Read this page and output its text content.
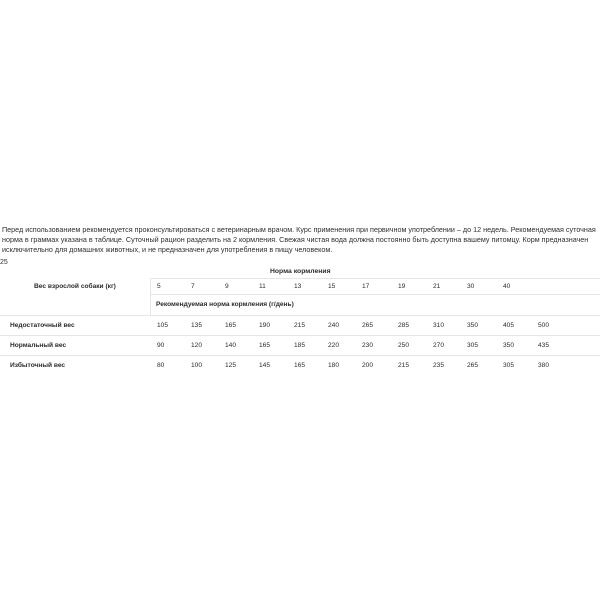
Перед использованием рекомендуется проконсультироваться с ветеринарным врачом. Курс применения при первичном употреблении – до 12 недель. Рекомендуемая суточная норма в граммах указана в таблице. Суточный рацион разделить на 2 кормления. Свежая чистая вода должна постоянно быть доступна вашему питомцу. Корм предназначен исключительно для домашних животных, и не предназначен для употребления в пищу человеком.

25
Норма кормления
Вес взрослой собаки (кг)
Рекомендуемая норма кормления (г/день)
5	7	9	11	13	15	17	19	21	30	40
Недостаточный вес	105	135	165	190	215	240	265	285	310	350	405	500
Нормальный вес	90	120	140	165	185	220	230	250	270	305	350	435
Избыточный вес	80	100	125	145	165	180	200	215	235	265	305	380
